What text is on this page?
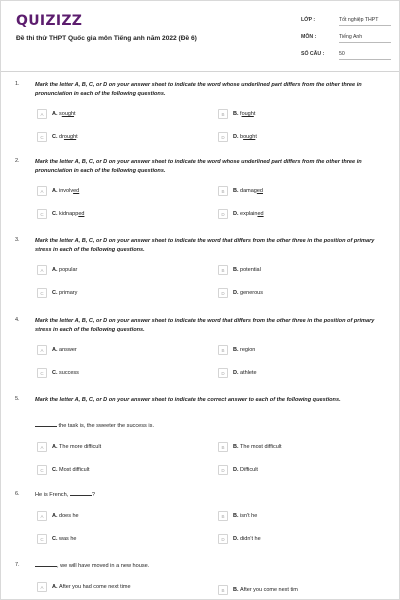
QUIZIZZ
Đề thi thử THPT Quốc gia môn Tiếng anh năm 2022 (Đề 6)
LỚP :	Tốt nghiệp THPT
MÔN :	Tiếng Anh
SỐ CÂU :	50
1.	Mark the letter A, B, C, or D on your answer sheet to indicate the word whose underlined part differs from the other three in pronunciation in each of the following questions.
A	A. sought	B	B. fought
C	C. drought	D	D. bought
2.	Mark the letter A, B, C, or D on your answer sheet to indicate the word whose underlined part differs from the other three in pronunciation in each of the following questions.
A	A. involved	B	B. damaged
C	C. kidnapped	D	D. explained
3.	Mark the letter A, B, C, or D on your answer sheet to indicate the word that differs from the other three in the position of primary stress in each of the following questions.
A	A. popular	B	B. potential
C	C. primary	D	D. generous
4.	Mark the letter A, B, C, or D on your answer sheet to indicate the word that differs from the other three in the position of primary stress in each of the following questions.
A	A. answer	B	B. region
C	C. success	D	D. athlete
5.	Mark the letter A, B, C, or D on your answer sheet to indicate the correct answer to each of the following questions.
the task is, the sweeter the success is.
A	A. The more difficult	B	B. The most difficult
C	C. Most difficult	D	D. Difficult
6.	He is French,	?
A	A. does he	B	B. isn't he
C	C. was he	D	D. didn't he
7.	, we will have moved in a new house.
A	A. After you had come next time
B	B. After you come next tim
